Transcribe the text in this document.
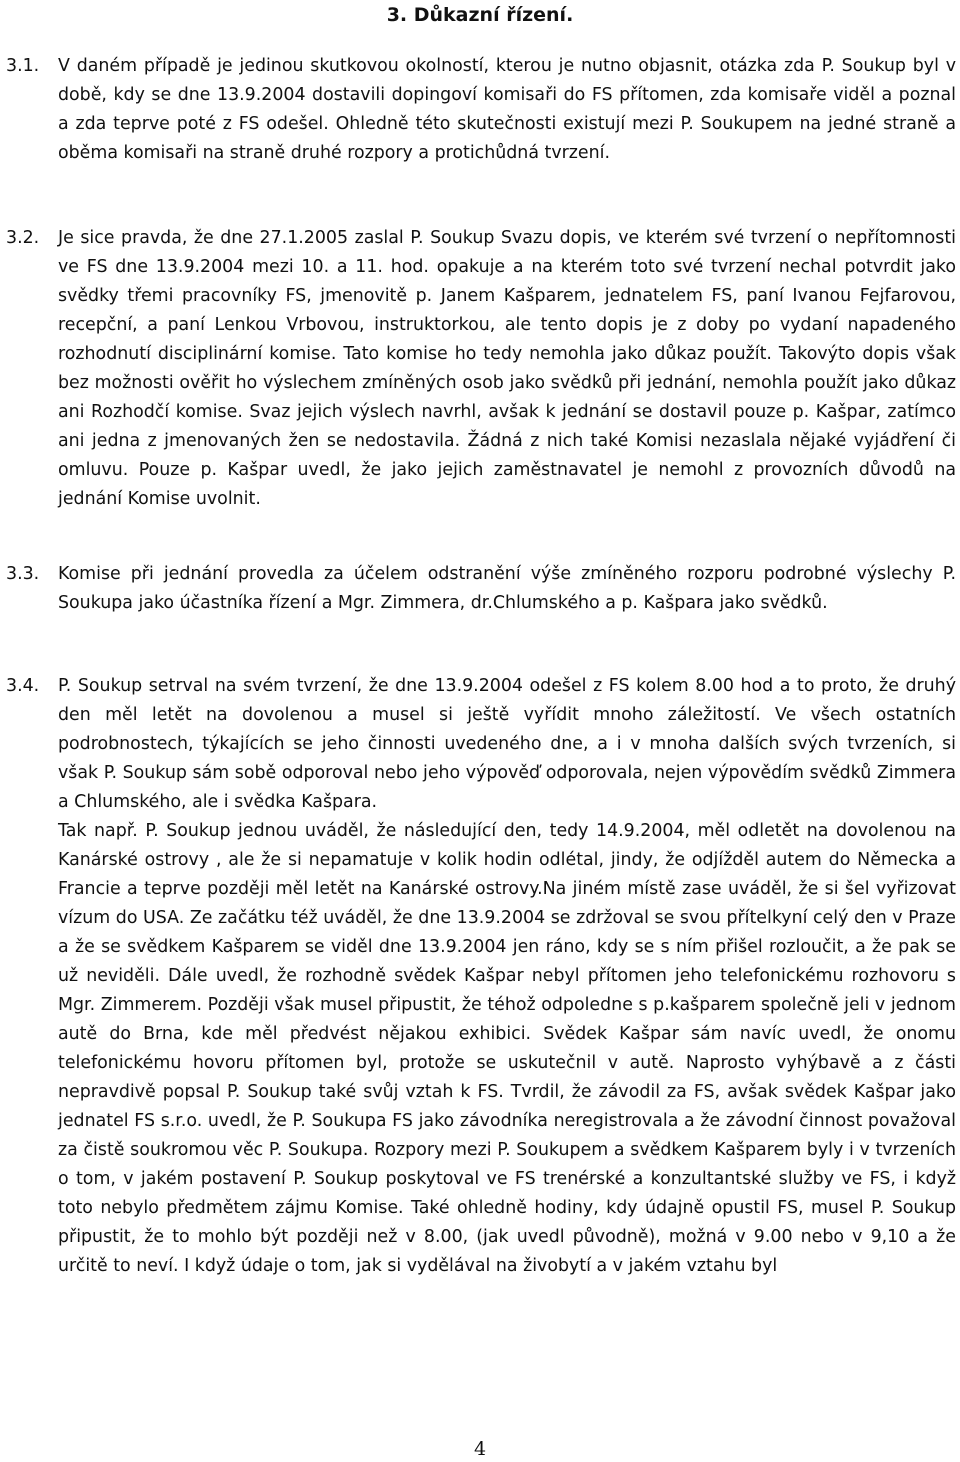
3. Důkazní řízení.
3.1. V daném případě je jedinou skutkovou okolností, kterou je nutno objasnit, otázka zda P. Soukup byl v době, kdy se dne 13.9.2004 dostavili dopingoví komisaři do FS přítomen, zda komisaře viděl a poznal a zda teprve poté z FS odešel. Ohledně této skutečnosti existují mezi P. Soukupem na jedné straně a oběma komisaři na straně druhé rozpory a protichůdná tvrzení.

3.2. Je sice pravda, že dne 27.1.2005 zaslal P. Soukup Svazu dopis, ve kterém své tvrzení o nepřítomnosti ve FS dne 13.9.2004 mezi 10. a 11. hod. opakuje a na kterém toto své tvrzení nechal potvrdit jako svědky třemi pracovníky FS, jmenovitě p. Janem Kašparem, jednatelem FS, paní Ivanou Fejfarovou, recepční, a paní Lenkou Vrbovou, instruktorkou, ale tento dopis je z doby po vydaní napadeného rozhodnutí disciplinární komise. Tato komise ho tedy nemohla jako důkaz použít. Takovýto dopis však bez možnosti ověřit ho výslechem zmíněných osob jako svědků při jednání, nemohla použít jako důkaz ani Rozhodčí komise. Svaz jejich výslech navrhl, avšak k jednání se dostavil pouze p. Kašpar, zatímco ani jedna z jmenovaných žen se nedostavila. Žádná z nich také Komisi nezaslala nějaké vyjádření či omluvu. Pouze p. Kašpar uvedl, že jako jejich zaměstnavatel je nemohl z provozních důvodů na jednání Komise uvolnit.

3.3. Komise při jednání provedla za účelem odstranění výše zmíněného rozporu podrobné výslechy P. Soukupa jako účastníka řízení a Mgr. Zimmera, dr.Chlumského a p. Kašpara jako svědků.

3.4. P. Soukup setrval na svém tvrzení, že dne 13.9.2004 odešel z FS kolem 8.00 hod a to proto, že druhý den měl letět na dovolenou a musel si ještě vyřídit mnoho záležitostí. Ve všech ostatních podrobnostech, týkajících se jeho činnosti uvedeného dne, a i v mnoha dalších svých tvrzeních, si však P. Soukup sám sobě odporoval nebo jeho výpověď odporovala, nejen výpovědím svědků Zimmera a Chlumského, ale i svědka Kašpara.

Tak např. P. Soukup jednou uváděl, že následující den, tedy 14.9.2004, měl odletět na dovolenou na Kanárské ostrovy , ale že si nepamatuje v kolik hodin odlétal, jindy, že odjížděl autem do Německa a Francie a teprve později měl letět na Kanárské ostrovy.Na jiném místě zase uváděl, že si šel vyřizovat vízum do USA. Ze začátku též uváděl, že dne 13.9.2004 se zdržoval se svou přítelkyní celý den v Praze a že se svědkem Kašparem se viděl dne 13.9.2004 jen ráno, kdy se s ním přišel rozloučit, a že pak se už neviděli. Dále uvedl, že rozhodně svědek Kašpar nebyl přítomen jeho telefonickému rozhovoru s Mgr. Zimmerem. Později však musel připustit, že téhož odpoledne s p.kašparem společně jeli v jednom autě do Brna, kde měl předvést nějakou exhibici. Svědek Kašpar sám navíc uvedl, že onomu telefonickému hovoru přítomen byl, protože se uskutečnil v autě. Naprosto vyhýbavě a z části nepravdivě popsal P. Soukup také svůj vztah k FS. Tvrdil, že závodil za FS, avšak svědek Kašpar jako jednatel FS s.r.o. uvedl, že P. Soukupa FS jako závodníka neregistrovala a že závodní činnost považoval za čistě soukromou věc P. Soukupa. Rozpory mezi P. Soukupem a svědkem Kašparem byly i v tvrzeních o tom, v jakém postavení P. Soukup poskytoval ve FS trenérské a konzultantské služby ve FS, i když toto nebylo předmětem zájmu Komise. Také ohledně hodiny, kdy údajně opustil FS, musel P. Soukup připustit, že to mohlo být později než v 8.00, (jak uvedl původně), možná v 9.00 nebo v 9,10 a že určitě to neví. I když údaje o tom, jak si vydělával na živobytí a v jakém vztahu byl

4
